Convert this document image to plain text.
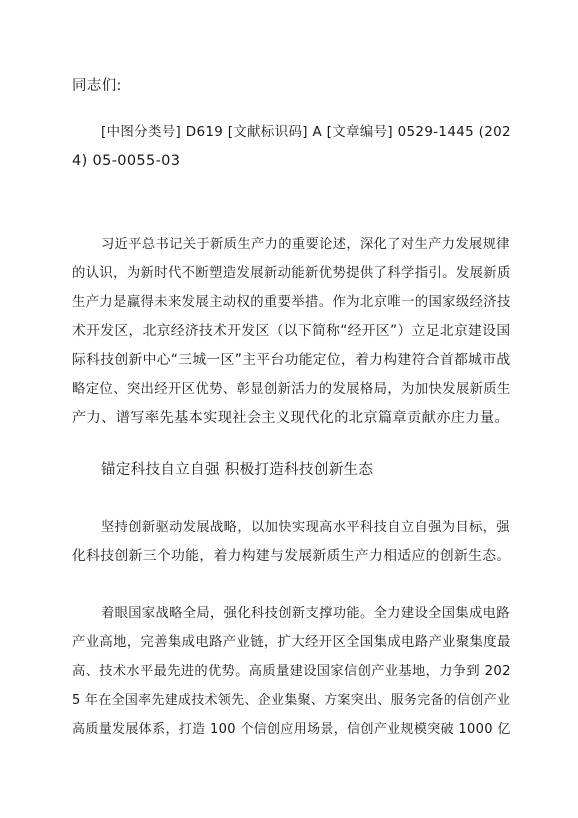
同志们:

[中图分类号] D619 [文献标识码] A [文章编号] 0529-1445 (202
4) 05-0055-03

习近平总书记关于新质生产力的重要论述，深化了对生产力发展规律
的认识，为新时代不断塑造发展新动能新优势提供了科学指引。发展新质
生产力是赢得未来发展主动权的重要举措。作为北京唯一的国家级经济技
术开发区，北京经济技术开发区（以下简称“经开区”）立足北京建设国
际科技创新中心“三城一区”主平台功能定位，着力构建符合首都城市战
略定位、突出经开区优势、彰显创新活力的发展格局，为加快发展新质生
产力、谱写率先基本实现社会主义现代化的北京篇章贡献亦庄力量。

锚定科技自立自强 积极打造科技创新生态

坚持创新驱动发展战略，以加快实现高水平科技自立自强为目标，强
化科技创新三个功能，着力构建与发展新质生产力相适应的创新生态。

着眼国家战略全局，强化科技创新支撑功能。全力建设全国集成电路
产业高地，完善集成电路产业链，扩大经开区全国集成电路产业聚集度最
高、技术水平最先进的优势。高质量建设国家信创产业基地，力争到 202
5 年在全国率先建成技术领先、企业集聚、方案突出、服务完备的信创产业
高质量发展体系，打造 100 个信创应用场景，信创产业规模突破 1000 亿
